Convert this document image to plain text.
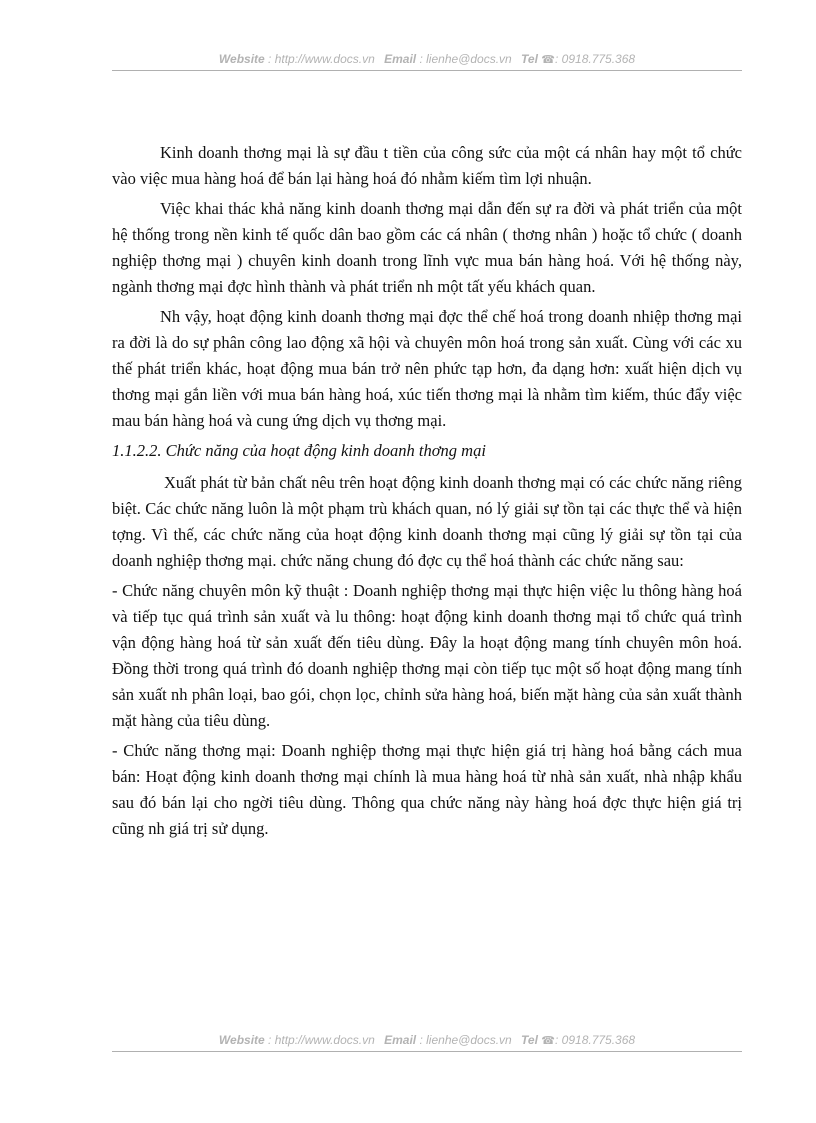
Website : http://www.docs.vn Email : lienhe@docs.vn Tel ☎: 0918.775.368

Kinh doanh thơng mại là sự đầu t tiền của công sức của một cá nhân hay một tổ chức vào việc mua hàng hoá để bán lại hàng hoá đó nhằm kiếm tìm lợi nhuận.

Việc khai thác khả năng kinh doanh thơng mại dẫn đến sự ra đời và phát triển của một hệ thống trong nền kinh tế quốc dân bao gồm các cá nhân ( thơng nhân ) hoặc tổ chức ( doanh nghiệp thơng mại ) chuyên kinh doanh trong lĩnh vực mua bán hàng hoá. Với hệ thống này, ngành thơng mại đợc hình thành và phát triển nh một tất yếu khách quan.

Nh vậy, hoạt động kinh doanh thơng mại đợc thể chế hoá trong doanh nhiệp thơng mại ra đời là do sự phân công lao động xã hội và chuyên môn hoá trong sản xuất. Cùng với các xu thế phát triển khác, hoạt động mua bán trở nên phức tạp hơn, đa dạng hơn: xuất hiện dịch vụ thơng mại gắn liền với mua bán hàng hoá, xúc tiến thơng mại là nhằm tìm kiếm, thúc đẩy việc mau bán hàng hoá và cung ứng dịch vụ thơng mại.

1.1.2.2. Chức năng của hoạt động kinh doanh thơng mại

Xuất phát từ bản chất nêu trên hoạt động kinh doanh thơng mại có các chức năng riêng biệt. Các chức năng luôn là một phạm trù khách quan, nó lý giải sự tồn tại các thực thể và hiện tợng. Vì thế, các chức năng của hoạt động kinh doanh thơng mại cũng lý giải sự tồn tại của doanh nghiệp thơng mại. chức năng chung đó đợc cụ thể hoá thành các chức năng sau:

- Chức năng chuyên môn kỹ thuật : Doanh nghiệp thơng mại thực hiện việc lu thông hàng hoá và tiếp tục quá trình sản xuất và lu thông: hoạt động kinh doanh thơng mại tổ chức quá trình vận động hàng hoá từ sản xuất đến tiêu dùng. Đây la hoạt động mang tính chuyên môn hoá. Đồng thời trong quá trình đó doanh nghiệp thơng mại còn tiếp tục một số hoạt động mang tính sản xuất nh phân loại, bao gói, chọn lọc, chỉnh sửa hàng hoá, biến mặt hàng của sản xuất thành mặt hàng của tiêu dùng.

- Chức năng thơng mại: Doanh nghiệp thơng mại thực hiện giá trị hàng hoá bằng cách mua bán: Hoạt động kinh doanh thơng mại chính là mua hàng hoá từ nhà sản xuất, nhà nhập khẩu sau đó bán lại cho ngời tiêu dùng. Thông qua chức năng này hàng hoá đợc thực hiện giá trị cũng nh giá trị sử dụng.

Website : http://www.docs.vn Email : lienhe@docs.vn Tel ☎: 0918.775.368
